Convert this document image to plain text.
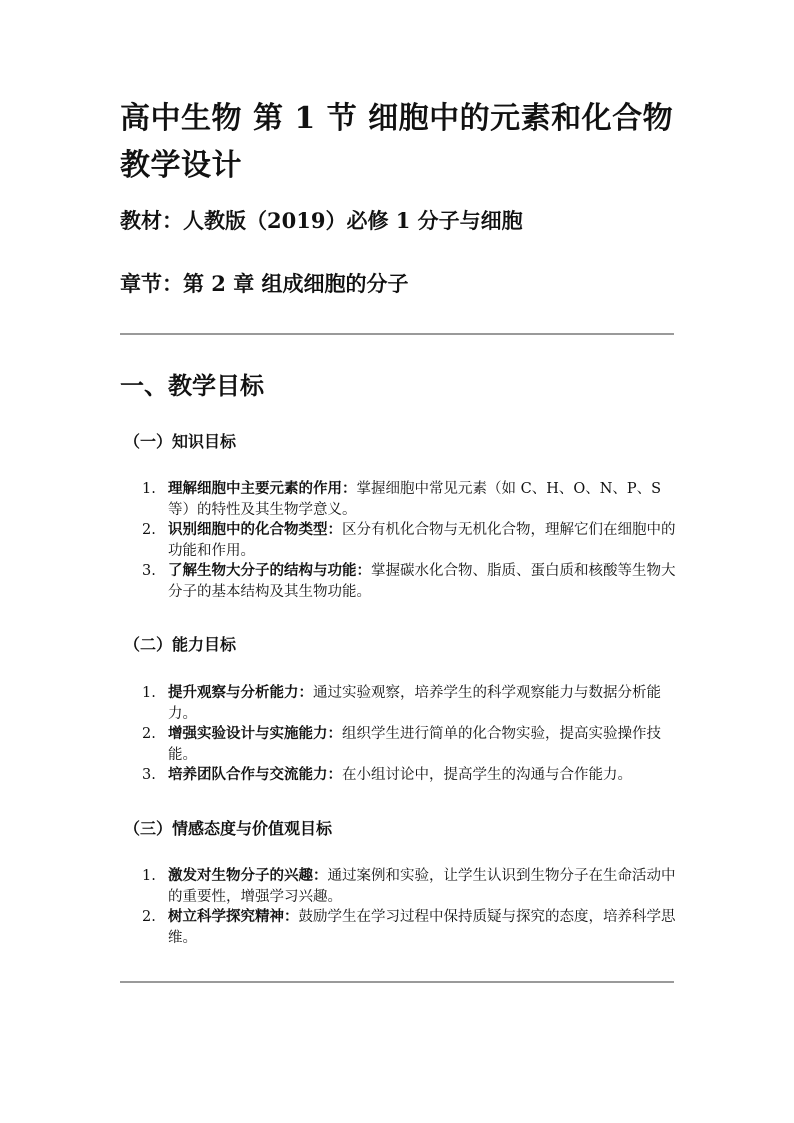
高中生物 第 1 节 细胞中的元素和化合物 教学设计
教材：人教版（2019）必修 1 分子与细胞
章节：第 2 章 组成细胞的分子
一、教学目标
（一）知识目标
1. 理解细胞中主要元素的作用：掌握细胞中常见元素（如 C、H、O、N、P、S 等）的特性及其生物学意义。
2. 识别细胞中的化合物类型：区分有机化合物与无机化合物，理解它们在细胞中的功能和作用。
3. 了解生物大分子的结构与功能：掌握碳水化合物、脂质、蛋白质和核酸等生物大分子的基本结构及其生物功能。
（二）能力目标
1. 提升观察与分析能力：通过实验观察，培养学生的科学观察能力与数据分析能力。
2. 增强实验设计与实施能力：组织学生进行简单的化合物实验，提高实验操作技能。
3. 培养团队合作与交流能力：在小组讨论中，提高学生的沟通与合作能力。
（三）情感态度与价值观目标
1. 激发对生物分子的兴趣：通过案例和实验，让学生认识到生物分子在生命活动中的重要性，增强学习兴趣。
2. 树立科学探究精神：鼓励学生在学习过程中保持质疑与探究的态度，培养科学思维。
